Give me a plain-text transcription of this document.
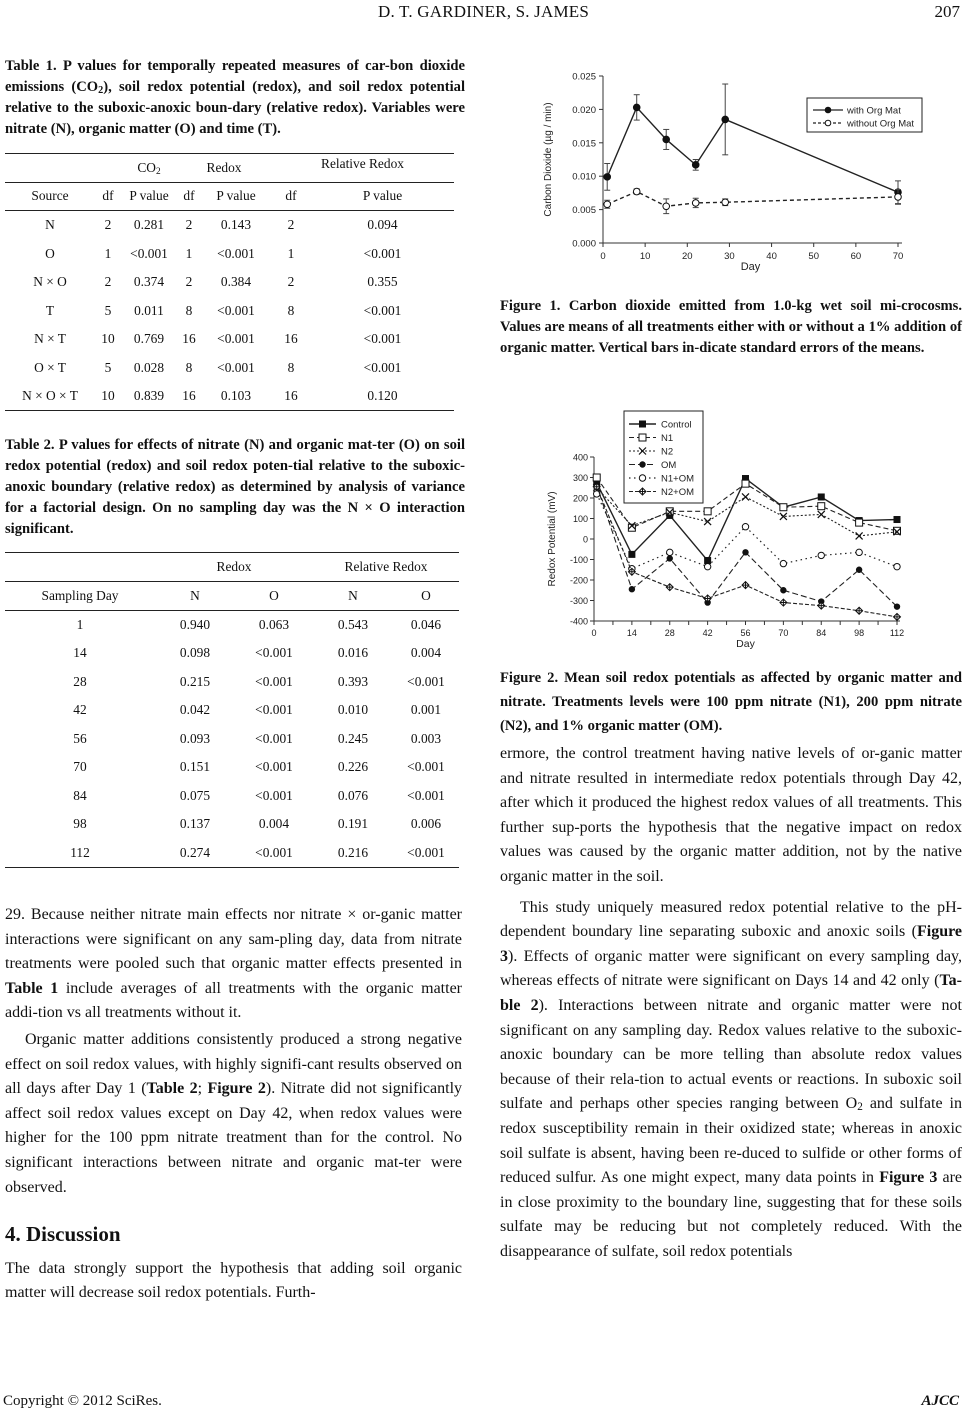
D. T. GARDINER, S. JAMES	207
Table 1. P values for temporally repeated measures of car-bon dioxide emissions $(CO_2)$, soil redox potential (redox), and soil redox potential relative to the suboxic-anoxic boun-dary (relative redox). Variables were nitrate (N), organic matter (O) and time (T).
		$CO_2$	Redox		Relative Redox	
Source	df	P value	df	P value	df	P value
N	2	0.281	2	0.143	2	0.094
O	1	<0.001	1	<0.001	1	<0.001
N × O	2	0.374	2	0.384	2	0.355
T	5	0.011	8	<0.001	8	<0.001
N × T	10	0.769	16	<0.001	16	<0.001
O × T	5	0.028	8	<0.001	8	<0.001
N × O × T	10	0.839	16	0.103	16	0.120
Table 2. P values for effects of nitrate (N) and organic mat-ter (O) on soil redox potential (redox) and soil redox poten-tial relative to the suboxic-anoxic boundary (relative redox) as determined by analysis of variance for a factorial design. On no sampling day was the N × O interaction significant.
	Redox		Relative Redox	
Sampling Day	N	O	N	O
1	0.940	0.063	0.543	0.046
14	0.098	<0.001	0.016	0.004
28	0.215	<0.001	0.393	<0.001
42	0.042	<0.001	0.010	0.001
56	0.093	<0.001	0.245	0.003
70	0.151	<0.001	0.226	<0.001
84	0.075	<0.001	0.076	<0.001
98	0.137	0.004	0.191	0.006
112	0.274	<0.001	0.216	<0.001

29. Because neither nitrate main effects nor nitrate × or-ganic matter interactions were significant on any sam-pling day, data from nitrate treatments were pooled such that organic matter effects presented in Table 1 include averages of all treatments with the organic matter addi-tion vs all treatments without it.

Organic matter additions consistently produced a strong negative effect on soil redox values, with highly signifi-cant results observed on all days after Day 1 (Table 2; Figure 2). Nitrate did not significantly affect soil redox values except on Day 42, when redox values were higher for the 100 ppm nitrate treatment than for the control. No significant interactions between nitrate and organic mat-ter were observed.

4. Discussion

The data strongly support the hypothesis that adding soil organic matter will decrease soil redox potentials. Furth-

0.000
0.005
0.010
0.015
0.020
0.025
0	10	20	30	40	50	60	70
Day
Carbon Dioxide (µg / min)	with Org Mat
without Org Mat
Figure 1. Carbon dioxide emitted from 1.0-kg wet soil mi-crocosms. Values are means of all treatments either with or without a 1% addition of organic matter. Vertical bars in-dicate standard errors of the means.
400
300
200
100
0
-100
-200
-300
-400
0	14	28	42	56	70	84	98	112
Day
Redox Potential (mV)
Control
N1
N2
OM
N1+OM
N2+OM
Figure 2. Mean soil redox potentials as affected by organic matter and nitrate. Treatments levels were 100 ppm nitrate (N1), 200 ppm nitrate (N2), and 1% organic matter (OM).

ermore, the control treatment having native levels of or-ganic matter and nitrate resulted in intermediate redox potentials through Day 42, after which it produced the highest redox values of all treatments. This further sup-ports the hypothesis that the negative impact on redox values was caused by the organic matter addition, not by the native organic matter in the soil.

This study uniquely measured redox potential relative to the pH-dependent boundary line separating suboxic and anoxic soils (Figure 3). Effects of organic matter were significant on every sampling day, whereas effects of nitrate were significant on Days 14 and 42 only (Ta-ble 2). Interactions between nitrate and organic matter were not significant on any sampling day. Redox values relative to the suboxic-anoxic boundary can be more telling than absolute redox values because of their rela-tion to actual events or reactions. In suboxic soil sulfate and perhaps other species ranging between $O_2$ and sulfate in redox susceptibility remain in their oxidized state; whereas in anoxic soil sulfate is absent, having been re-duced to sulfide or other forms of reduced sulfur. As one might expect, many data points in Figure 3 are in close proximity to the boundary line, suggesting that for these soils sulfate may be reducing but not completely reduced. With the disappearance of sulfate, soil redox potentials

Copyright © 2012 SciRes.	AJCC
